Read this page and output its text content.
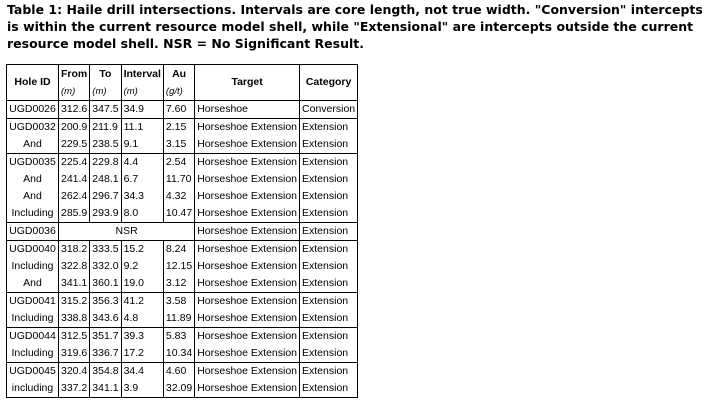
Table 1: Haile drill intersections. Intervals are core length, not true width. "Conversion" intercepts
is within the current resource model shell, while "Extensional" are intercepts outside the current
resource model shell. NSR = No Significant Result.
Hole ID	From	To	Interval	Au	Target	Category
	(m)	(m)	(m)	(g/t)		
UGD0026	312.6	347.5	34.9	7.60	Horseshoe	Conversion
UGD0032	200.9	211.9	11.1	2.15	Horseshoe Extension	Extension
And	229.5	238.5	9.1	3.15	Horseshoe Extension	Extension
UGD0035	225.4	229.8	4.4	2.54	Horseshoe Extension	Extension
And	241.4	248.1	6.7	11.70	Horseshoe Extension	Extension
And	262.4	296.7	34.3	4.32	Horseshoe Extension	Extension
Including	285.9	293.9	8.0	10.47	Horseshoe Extension	Extension
UGD0036	NSR				Horseshoe Extension	Extension
UGD0040	318.2	333.5	15.2	8.24	Horseshoe Extension	Extension
Including	322.8	332.0	9.2	12.15	Horseshoe Extension	Extension
And	341.1	360.1	19.0	3.12	Horseshoe Extension	Extension
UGD0041	315.2	356.3	41.2	3.58	Horseshoe Extension	Extension
Including	338.8	343.6	4.8	11.89	Horseshoe Extension	Extension
UGD0044	312.5	351.7	39.3	5.83	Horseshoe Extension	Extension
Including	319.6	336.7	17.2	10.34	Horseshoe Extension	Extension
UGD0045	320.4	354.8	34.4	4.60	Horseshoe Extension	Extension
including	337.2	341.1	3.9	32.09	Horseshoe Extension	Extension
